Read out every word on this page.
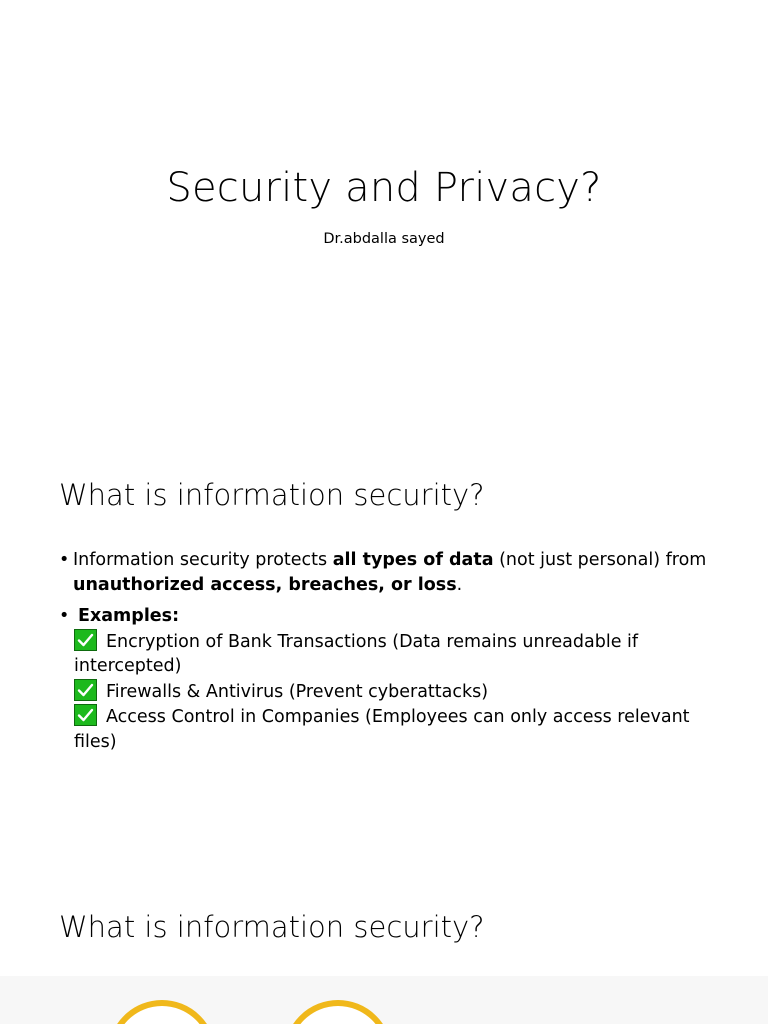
Security and Privacy?
Dr.abdalla sayed
What is information security?
• Information security protects all types of data (not just personal) from unauthorized access, breaches, or loss.
• Examples:
Encryption of Bank Transactions (Data remains unreadable if intercepted)
Firewalls & Antivirus (Prevent cyberattacks)
Access Control in Companies (Employees can only access relevant files)
What is information security?
